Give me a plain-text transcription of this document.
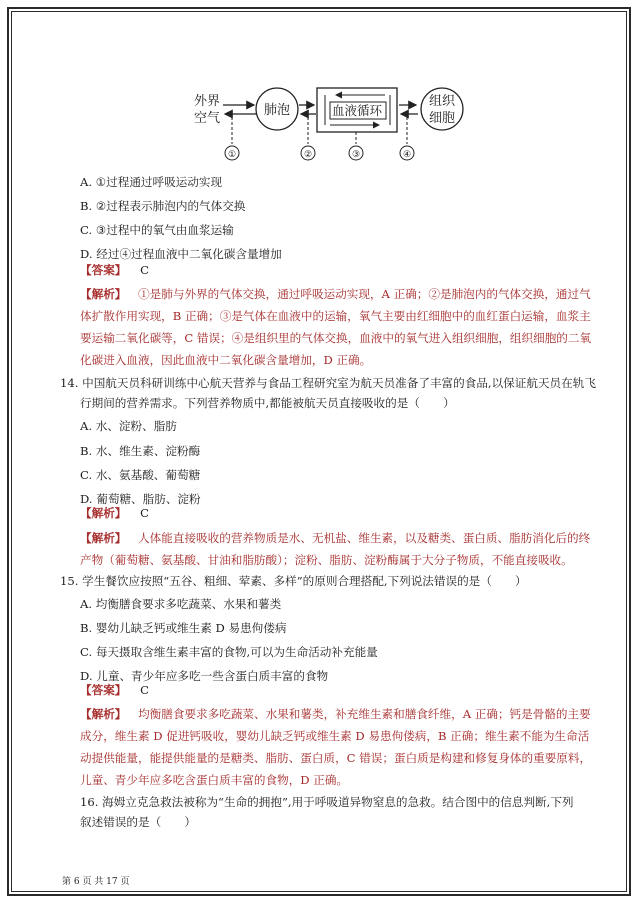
外界
空气
肺泡	血液循环
组织
细胞
①	②	③	④
A. ①过程通过呼吸运动实现
B. ②过程表示肺泡内的气体交换
C. ③过程中的氧气由血浆运输
D. 经过④过程血液中二氧化碳含量增加
【答案】 C
【解析】 ①是肺与外界的气体交换，通过呼吸运动实现，A 正确；②是肺泡内的气体交换，通过气
体扩散作用实现，B 正确；③是气体在血液中的运输，氧气主要由红细胞中的血红蛋白运输，血浆主
要运输二氧化碳等，C 错误；④是组织里的气体交换，血液中的氧气进入组织细胞，组织细胞的二氧
化碳进入血液，因此血液中二氧化碳含量增加，D 正确。
14. 中国航天员科研训练中心航天营养与食品工程研究室为航天员准备了丰富的食品,以保证航天员在轨飞
行期间的营养需求。下列营养物质中,都能被航天员直接吸收的是（　　）
A. 水、淀粉、脂肪
B. 水、维生素、淀粉酶
C. 水、氨基酸、葡萄糖
D. 葡萄糖、脂肪、淀粉
【解析】 C
【解析】 人体能直接吸收的营养物质是水、无机盐、维生素，以及糖类、蛋白质、脂肪消化后的终
产物（葡萄糖、氨基酸、甘油和脂肪酸）；淀粉、脂肪、淀粉酶属于大分子物质，不能直接吸收。
15. 学生餐饮应按照“五谷、粗细、荤素、多样”的原则合理搭配,下列说法错误的是（　　）
A. 均衡膳食要求多吃蔬菜、水果和薯类
B. 婴幼儿缺乏钙或维生素 D 易患佝偻病
C. 每天摄取含维生素丰富的食物,可以为生命活动补充能量
D. 儿童、青少年应多吃一些含蛋白质丰富的食物
【答案】 C
【解析】 均衡膳食要求多吃蔬菜、水果和薯类，补充维生素和膳食纤维，A 正确；钙是骨骼的主要
成分，维生素 D 促进钙吸收，婴幼儿缺乏钙或维生素 D 易患佝偻病，B 正确；维生素不能为生命活
动提供能量，能提供能量的是糖类、脂肪、蛋白质，C 错误；蛋白质是构建和修复身体的重要原料，
儿童、青少年应多吃含蛋白质丰富的食物，D 正确。
16. 海姆立克急救法被称为“生命的拥抱”,用于呼吸道异物窒息的急救。结合图中的信息判断,下列
叙述错误的是（　　）
第 6 页 共 17 页
